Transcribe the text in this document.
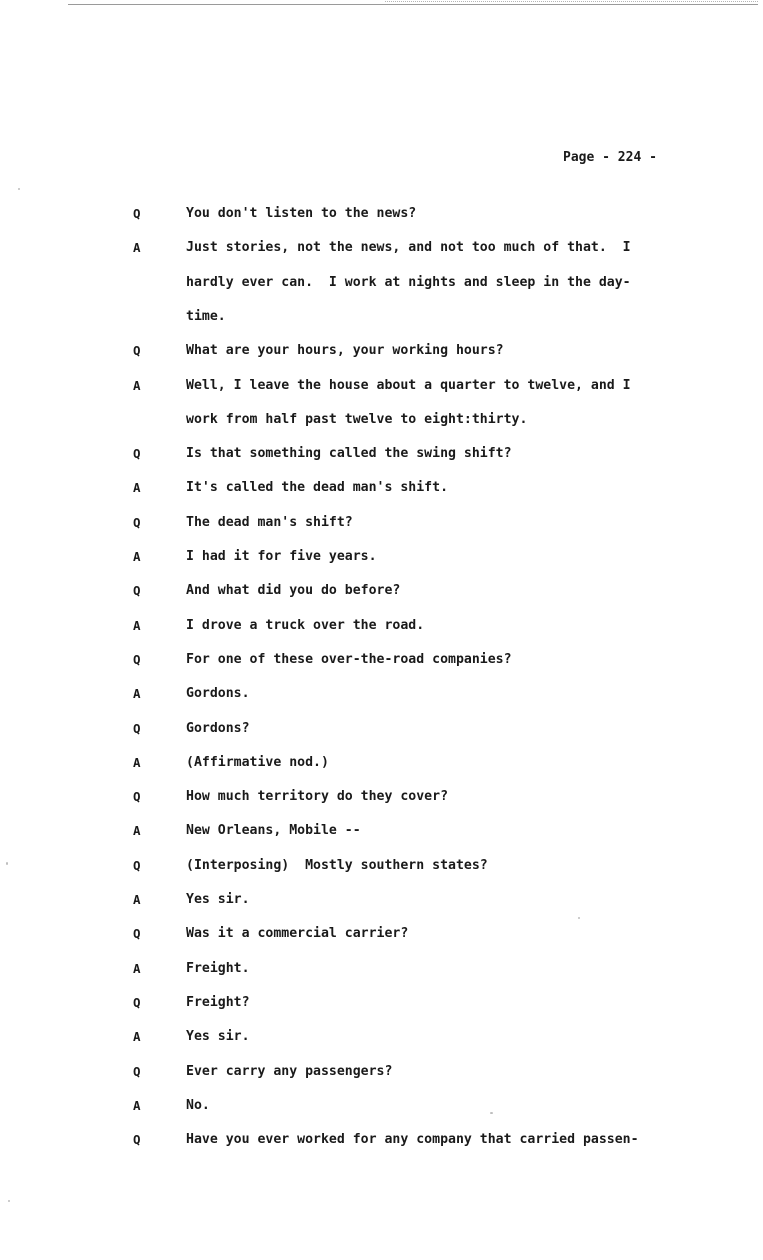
Page - 224 -
Q	You don't listen to the news?
A	Just stories, not the news, and not too much of that.  I
hardly ever can.  I work at nights and sleep in the day-
time.
Q	What are your hours, your working hours?
A	Well, I leave the house about a quarter to twelve, and I
work from half past twelve to eight:thirty.
Q	Is that something called the swing shift?
A	It's called the dead man's shift.
Q	The dead man's shift?
A	I had it for five years.
Q	And what did you do before?
A	I drove a truck over the road.
Q	For one of these over-the-road companies?
A	Gordons.
Q	Gordons?
A	(Affirmative nod.)
Q	How much territory do they cover?
A	New Orleans, Mobile --
Q	(Interposing)  Mostly southern states?
A	Yes sir.
Q	Was it a commercial carrier?
A	Freight.
Q	Freight?
A	Yes sir.
Q	Ever carry any passengers?
A	No.
Q	Have you ever worked for any company that carried passen-
